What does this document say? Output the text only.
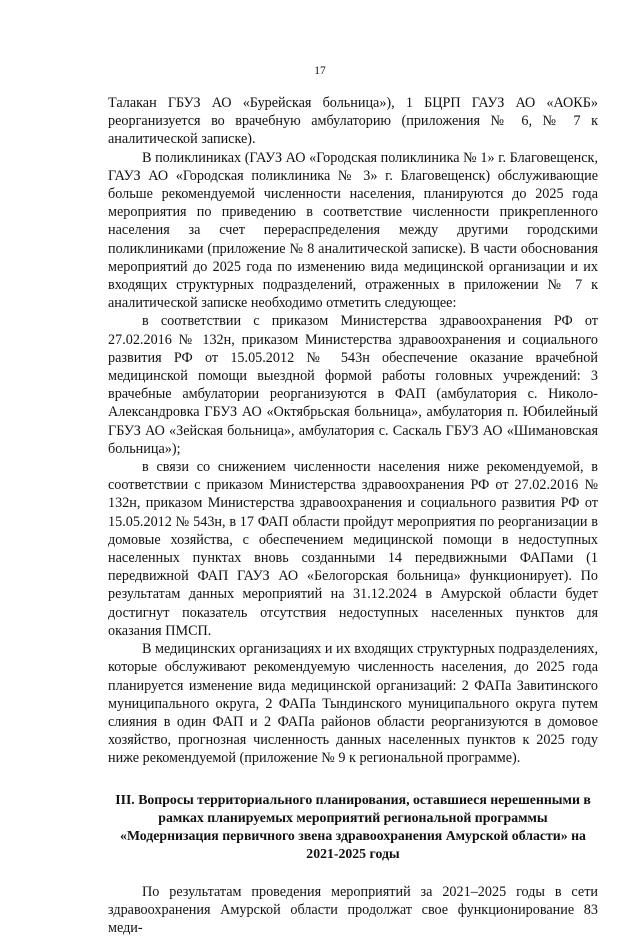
17

Талакан ГБУЗ АО «Бурейская больница»), 1 БЦРП ГАУЗ АО «АОКБ» реорганизуется во врачебную амбулаторию (приложения № 6, № 7 к аналитической записке).

В поликлиниках (ГАУЗ АО «Городская поликлиника № 1» г. Благовещенск, ГАУЗ АО «Городская поликлиника № 3» г. Благовещенск) обслуживающие больше рекомендуемой численности населения, планируются до 2025 года мероприятия по приведению в соответствие численности прикрепленного населения за счет перераспределения между другими городскими поликлиниками (приложение № 8 аналитической записке). В части обоснования мероприятий до 2025 года по изменению вида медицинской организации и их входящих структурных подразделений, отраженных в приложении № 7 к аналитической записке необходимо отметить следующее:

в соответствии с приказом Министерства здравоохранения РФ от 27.02.2016 № 132н, приказом Министерства здравоохранения и социального развития РФ от 15.05.2012 № 543н обеспечение оказание врачебной медицинской помощи выездной формой работы головных учреждений: 3 врачебные амбулатории реорганизуются в ФАП (амбулатория с. Николо-Александровка ГБУЗ АО «Октябрьская больница», амбулатория п. Юбилейный ГБУЗ АО «Зейская больница», амбулатория с. Саскаль ГБУЗ АО «Шимановская больница»);

в связи со снижением численности населения ниже рекомендуемой, в соответствии с приказом Министерства здравоохранения РФ от 27.02.2016 № 132н, приказом Министерства здравоохранения и социального развития РФ от 15.05.2012 № 543н, в 17 ФАП области пройдут мероприятия по реорганизации в домовые хозяйства, с обеспечением медицинской помощи в недоступных населенных пунктах вновь созданными 14 передвижными ФАПами (1 передвижной ФАП ГАУЗ АО «Белогорская больница» функционирует). По результатам данных мероприятий на 31.12.2024 в Амурской области будет достигнут показатель отсутствия недоступных населенных пунктов для оказания ПМСП.

В медицинских организациях и их входящих структурных подразделениях, которые обслуживают рекомендуемую численность населения, до 2025 года планируется изменение вида медицинской организаций: 2 ФАПа Завитинского муниципального округа, 2 ФАПа Тындинского муниципального округа путем слияния в один ФАП и 2 ФАПа районов области реорганизуются в домовое хозяйство, прогнозная численность данных населенных пунктов к 2025 году ниже рекомендуемой (приложение № 9 к региональной программе).

III. Вопросы территориального планирования, оставшиеся нерешенными в рамках планируемых мероприятий региональной программы «Модернизация первичного звена здравоохранения Амурской области» на 2021-2025 годы

По результатам проведения мероприятий за 2021–2025 годы в сети здравоохранения Амурской области продолжат свое функционирование 83 меди-
